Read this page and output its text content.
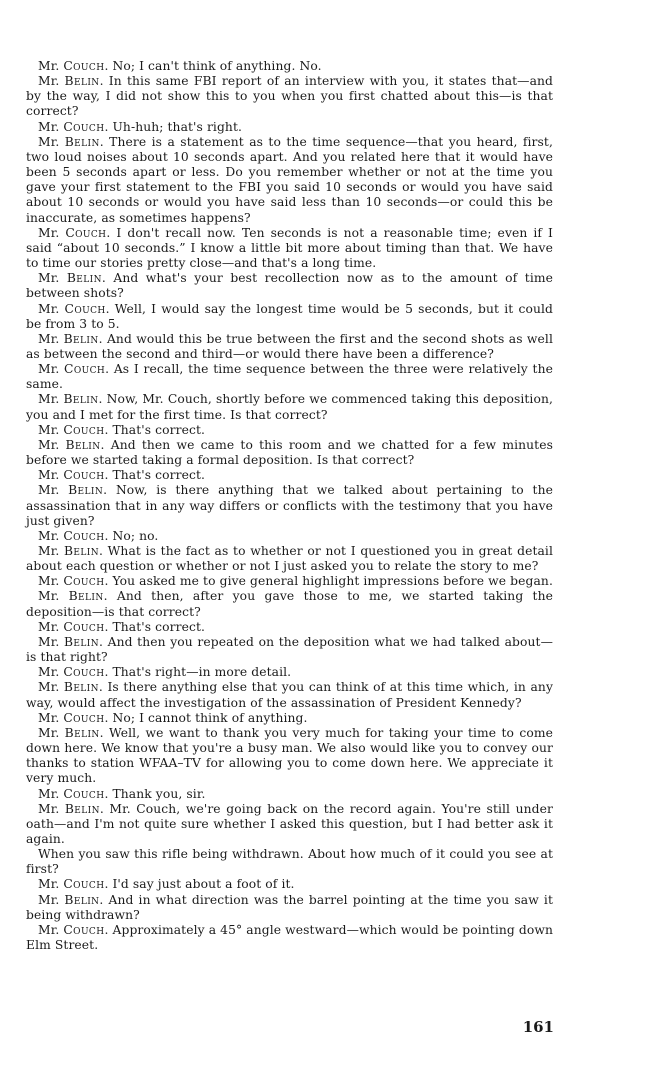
Mr. Couch. No; I can't think of anything. No.

Mr. Belin. In this same FBI report of an interview with you, it states that—and by the way, I did not show this to you when you first chatted about this—is that correct?

Mr. Couch. Uh-huh; that's right.

Mr. Belin. There is a statement as to the time sequence—that you heard, first, two loud noises about 10 seconds apart. And you related here that it would have been 5 seconds apart or less. Do you remember whether or not at the time you gave your first statement to the FBI you said 10 seconds or would you have said about 10 seconds or would you have said less than 10 seconds—or could this be inaccurate, as sometimes happens?

Mr. Couch. I don't recall now. Ten seconds is not a reasonable time; even if I said “about 10 seconds.” I know a little bit more about timing than that. We have to time our stories pretty close—and that's a long time.

Mr. Belin. And what's your best recollection now as to the amount of time between shots?

Mr. Couch. Well, I would say the longest time would be 5 seconds, but it could be from 3 to 5.

Mr. Belin. And would this be true between the first and the second shots as well as between the second and third—or would there have been a difference?

Mr. Couch. As I recall, the time sequence between the three were relatively the same.

Mr. Belin. Now, Mr. Couch, shortly before we commenced taking this deposition, you and I met for the first time. Is that correct?

Mr. Couch. That's correct.

Mr. Belin. And then we came to this room and we chatted for a few minutes before we started taking a formal deposition. Is that correct?

Mr. Couch. That's correct.

Mr. Belin. Now, is there anything that we talked about pertaining to the assassination that in any way differs or conflicts with the testimony that you have just given?

Mr. Couch. No; no.

Mr. Belin. What is the fact as to whether or not I questioned you in great detail about each question or whether or not I just asked you to relate the story to me?

Mr. Couch. You asked me to give general highlight impressions before we began.

Mr. Belin. And then, after you gave those to me, we started taking the deposition—is that correct?

Mr. Couch. That's correct.

Mr. Belin. And then you repeated on the deposition what we had talked about—is that right?

Mr. Couch. That's right—in more detail.

Mr. Belin. Is there anything else that you can think of at this time which, in any way, would affect the investigation of the assassination of President Kennedy?

Mr. Couch. No; I cannot think of anything.

Mr. Belin. Well, we want to thank you very much for taking your time to come down here. We know that you're a busy man. We also would like you to convey our thanks to station WFAA–TV for allowing you to come down here. We appreciate it very much.

Mr. Couch. Thank you, sir.

Mr. Belin. Mr. Couch, we're going back on the record again. You're still under oath—and I'm not quite sure whether I asked this question, but I had better ask it again.

When you saw this rifle being withdrawn. About how much of it could you see at first?

Mr. Couch. I'd say just about a foot of it.

Mr. Belin. And in what direction was the barrel pointing at the time you saw it being withdrawn?

Mr. Couch. Approximately a 45° angle westward—which would be pointing down Elm Street.

161
